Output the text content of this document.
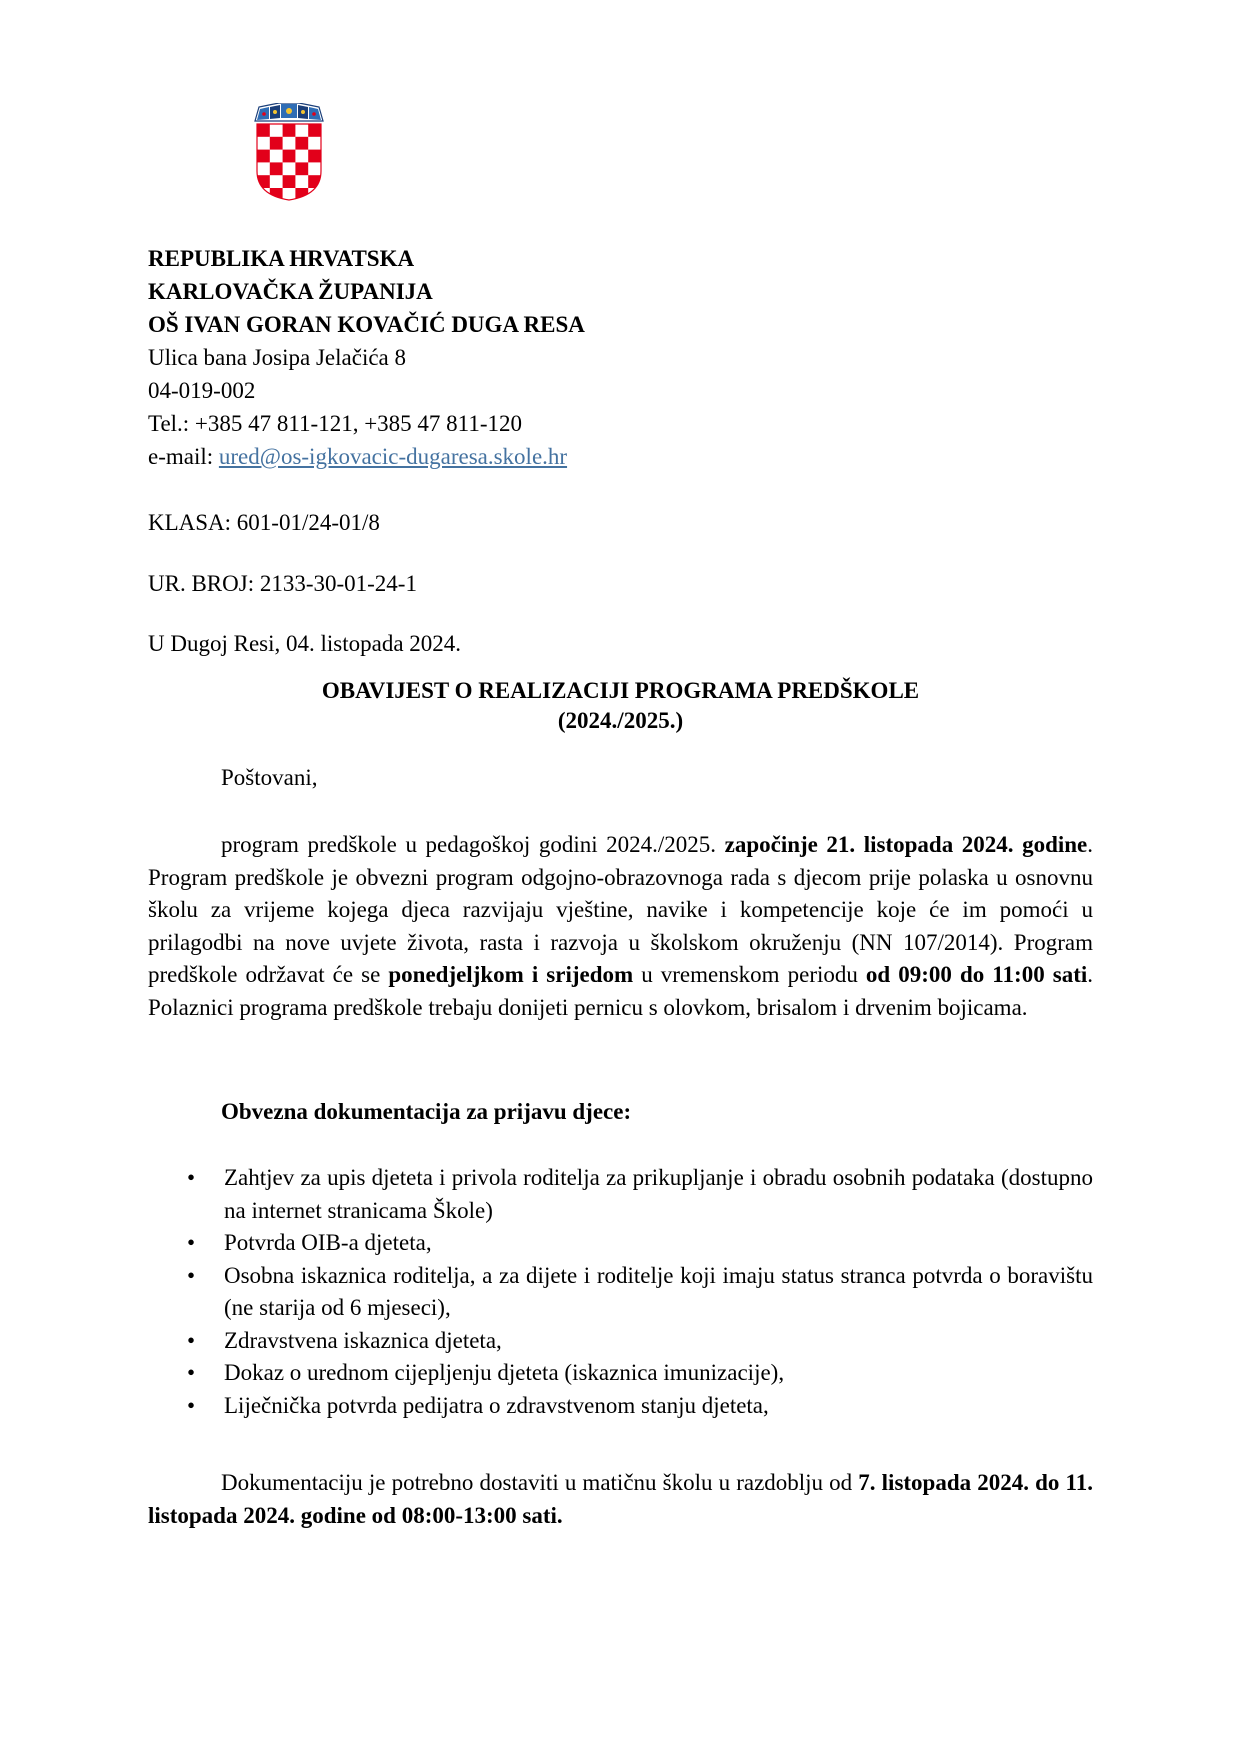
REPUBLIKA HRVATSKA
KARLOVAČKA ŽUPANIJA
OŠ IVAN GORAN KOVAČIĆ DUGA RESA
Ulica bana Josipa Jelačića 8
04-019-002
Tel.: +385 47 811-121, +385 47 811-120
e-mail: ured@os-igkovacic-dugaresa.skole.hr
KLASA: 601-01/24-01/8
UR. BROJ: 2133-30-01-24-1
U Dugoj Resi, 04. listopada 2024.
OBAVIJEST O REALIZACIJI PROGRAMA PREDŠKOLE
(2024./2025.)
Poštovani,

program predškole u pedagoškoj godini 2024./2025. započinje 21. listopada 2024. godine. Program predškole je obvezni program odgojno-obrazovnoga rada s djecom prije polaska u osnovnu školu za vrijeme kojega djeca razvijaju vještine, navike i kompetencije koje će im pomoći u prilagodbi na nove uvjete života, rasta i razvoja u školskom okruženju (NN 107/2014). Program predškole održavat će se ponedjeljkom i srijedom u vremenskom periodu od 09:00 do 11:00 sati. Polaznici programa predškole trebaju donijeti pernicu s olovkom, brisalom i drvenim bojicama.

Obvezna dokumentacija za prijavu djece:
• Zahtjev za upis djeteta i privola roditelja za prikupljanje i obradu osobnih podataka (dostupno na internet stranicama Škole)
• Potvrda OIB-a djeteta,
• Osobna iskaznica roditelja, a za dijete i roditelje koji imaju status stranca potvrda o boravištu (ne starija od 6 mjeseci),
• Zdravstvena iskaznica djeteta,
• Dokaz o urednom cijepljenju djeteta (iskaznica imunizacije),
• Liječnička potvrda pedijatra o zdravstvenom stanju djeteta,

Dokumentaciju je potrebno dostaviti u matičnu školu u razdoblju od 7. listopada 2024. do 11. listopada 2024. godine od 08:00-13:00 sati.
